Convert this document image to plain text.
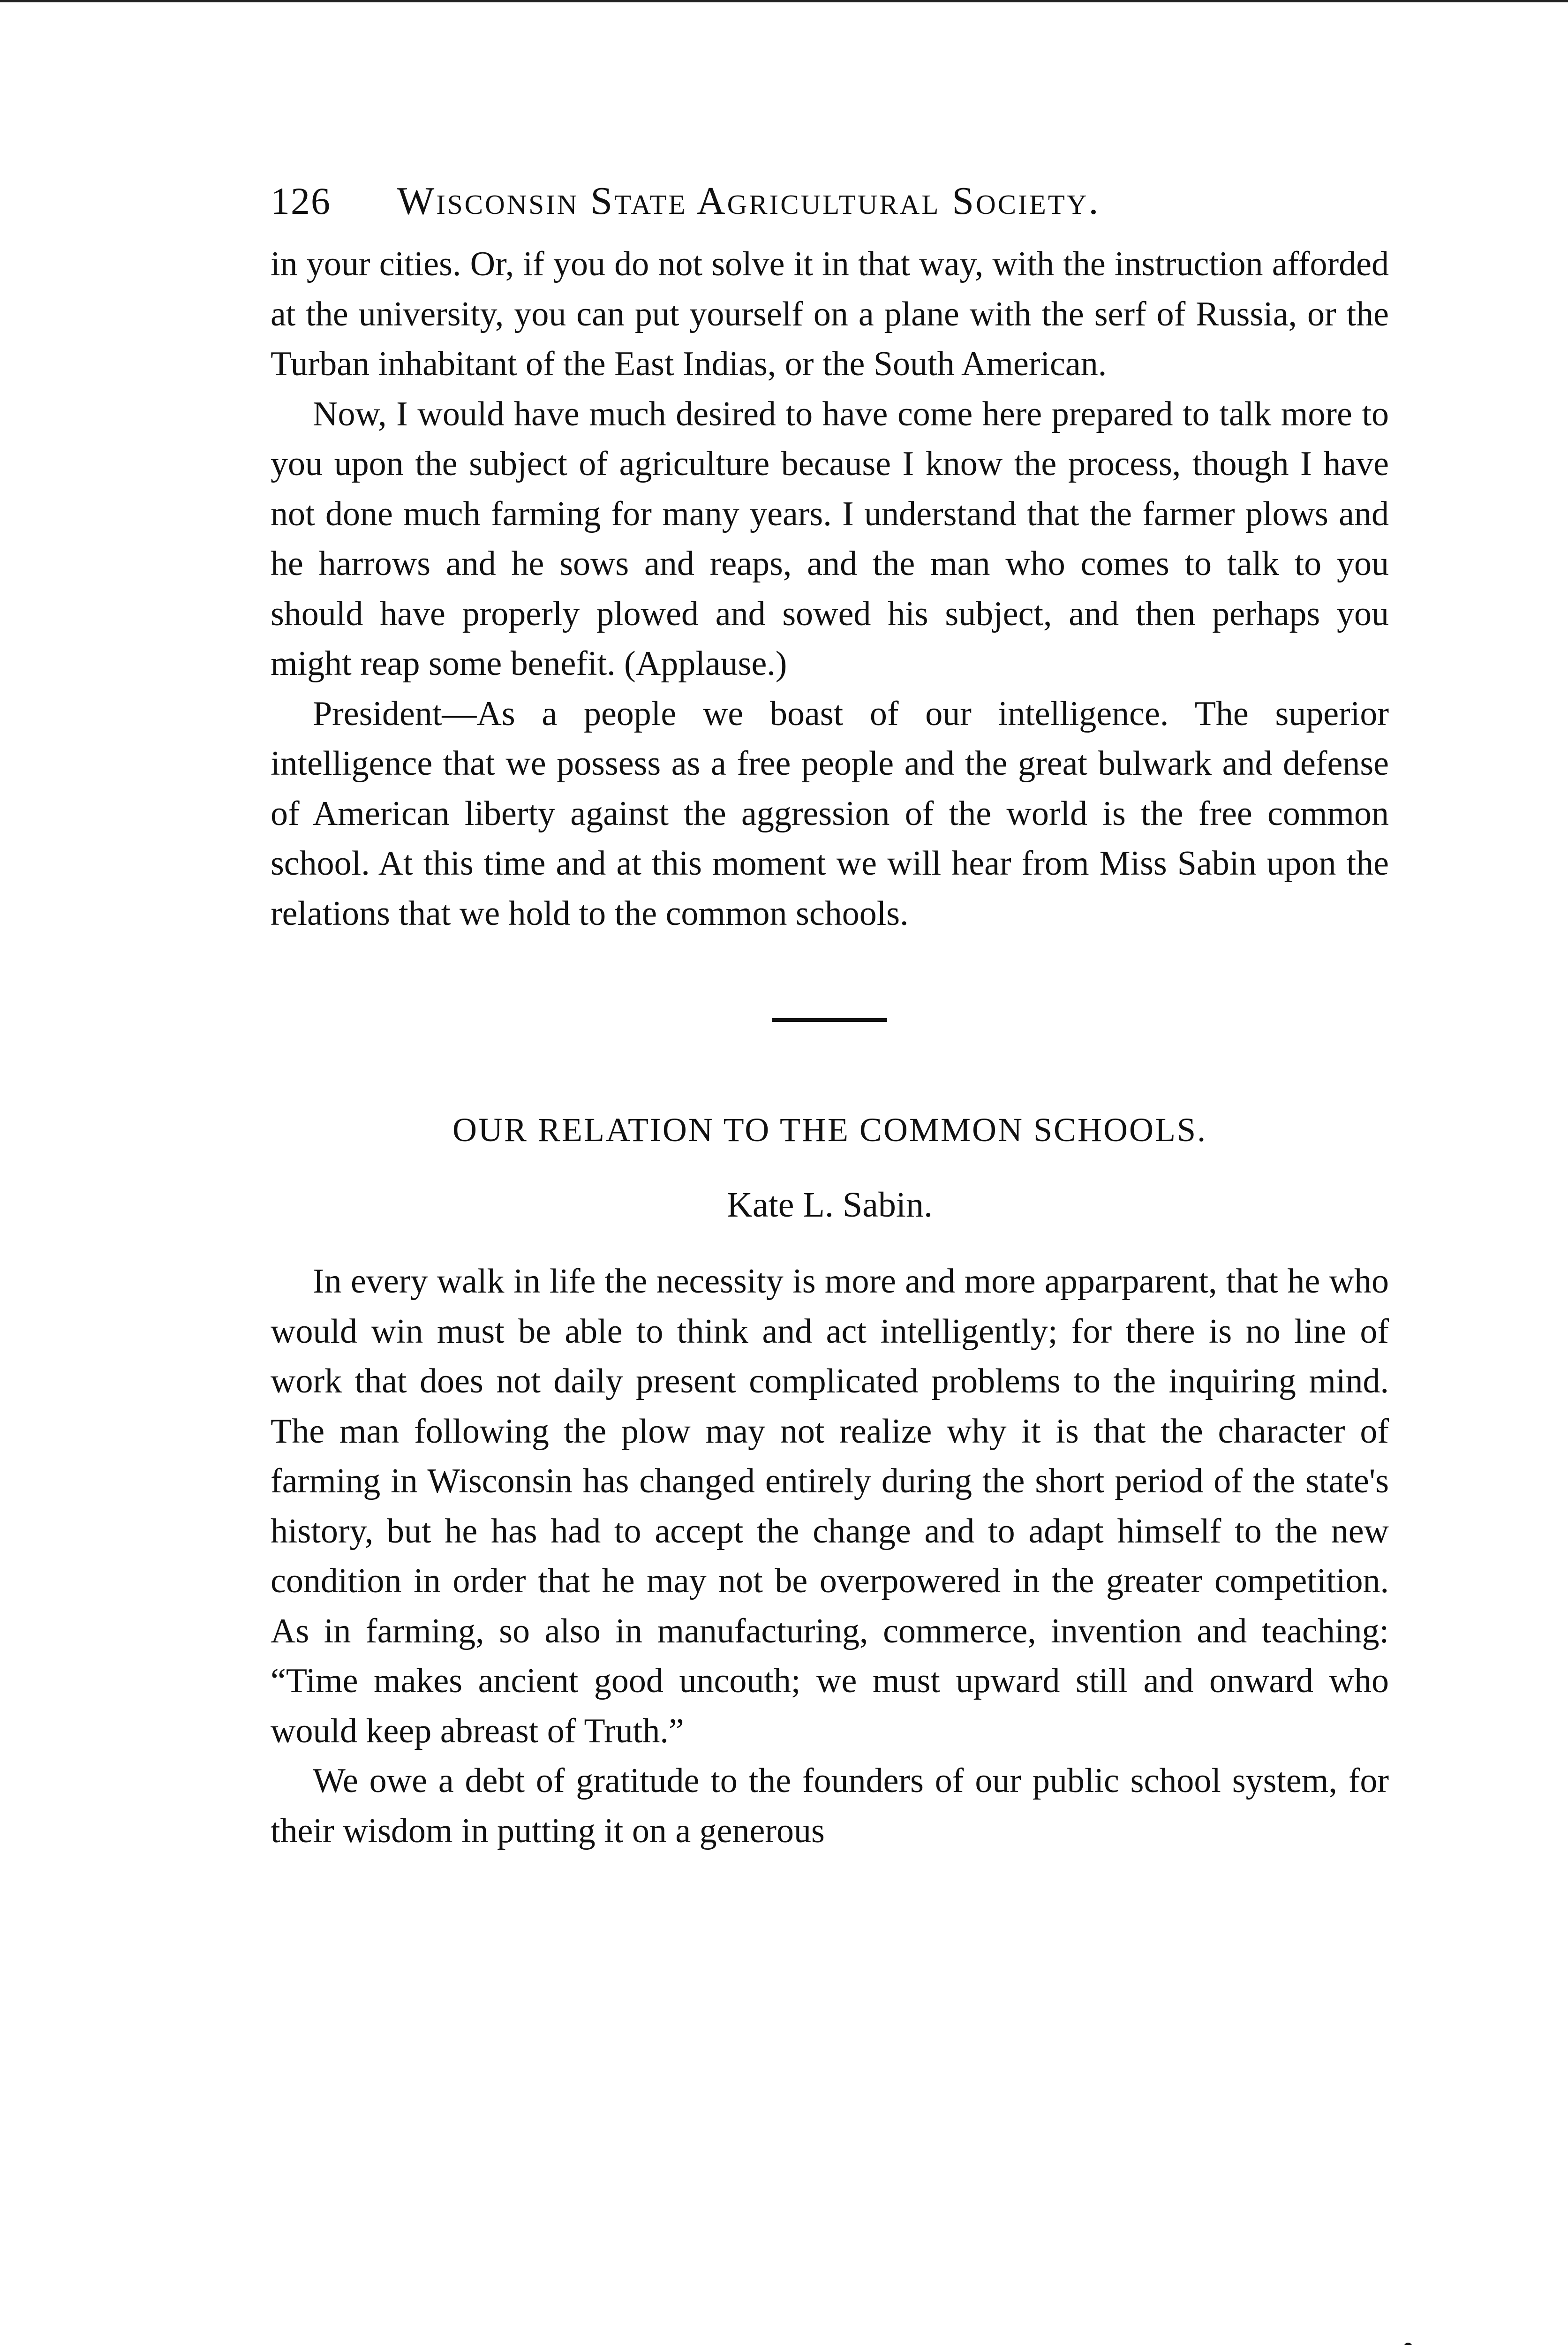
126	Wisconsin State Agricultural Society.

in your cities. Or, if you do not solve it in that way, with the instruction afforded at the university, you can put yourself on a plane with the serf of Russia, or the Turban inhabitant of the East Indias, or the South American.

Now, I would have much desired to have come here prepared to talk more to you upon the subject of agriculture because I know the process, though I have not done much farming for many years. I understand that the farmer plows and he harrows and he sows and reaps, and the man who comes to talk to you should have properly plowed and sowed his subject, and then perhaps you might reap some benefit. (Applause.)

President—As a people we boast of our intelligence. The superior intelligence that we possess as a free people and the great bulwark and defense of American liberty against the aggression of the world is the free common school. At this time and at this moment we will hear from Miss Sabin upon the relations that we hold to the common schools.

OUR RELATION TO THE COMMON SCHOOLS.
Kate L. Sabin.

In every walk in life the necessity is more and more apparparent, that he who would win must be able to think and act intelligently; for there is no line of work that does not daily present complicated problems to the inquiring mind. The man following the plow may not realize why it is that the character of farming in Wisconsin has changed entirely during the short period of the state's history, but he has had to accept the change and to adapt himself to the new condition in order that he may not be overpowered in the greater competition. As in farming, so also in manufacturing, commerce, invention and teaching: “Time makes ancient good uncouth; we must upward still and onward who would keep abreast of Truth.”

We owe a debt of gratitude to the founders of our public school system, for their wisdom in putting it on a generous
